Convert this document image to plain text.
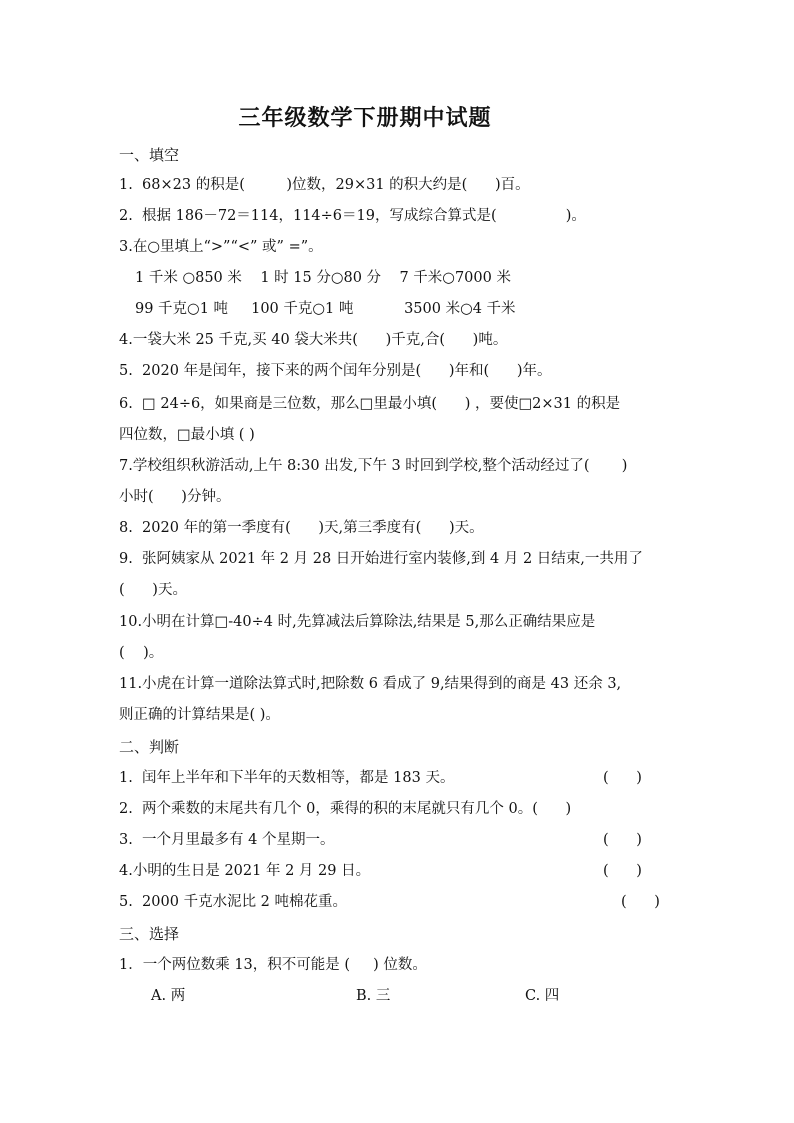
三年级数学下册期中试题
一、填空
1.  68×23 的积是(         )位数，29×31 的积大约是(      )百。
2.  根据 186－72＝114，114÷6＝19，写成综合算式是(               )。
3.在○里填上“>”“<” 或” =”。
1 千米 ○850 米    1 时 15 分○80 分    7 千米○7000 米
99 千克○1 吨     100 千克○1 吨           3500 米○4 千米
4.一袋大米 25 千克,买 40 袋大米共(      )千克,合(      )吨。
5.  2020 年是闰年，接下来的两个闰年分别是(      )年和(      )年。
6.  □ 24÷6，如果商是三位数，那么□里最小填(      ) ，要使□2×31 的积是
四位数，□最小填 ( )
7.学校组织秋游活动,上午 8:30 出发,下午 3 时回到学校,整个活动经过了(       )
小时(      )分钟。
8.  2020 年的第一季度有(      )天,第三季度有(      )天。
9.  张阿姨家从 2021 年 2 月 28 日开始进行室内装修,到 4 月 2 日结束,一共用了
(      )天。
10.小明在计算□-40÷4 时,先算减法后算除法,结果是 5,那么正确结果应是
(    )。
11.小虎在计算一道除法算式时,把除数 6 看成了 9,结果得到的商是 43 还余 3,
则正确的计算结果是( )。
二、判断
1.  闰年上半年和下半年的天数相等，都是 183 天。	(      )
2.  两个乘数的末尾共有几个 0，乘得的积的末尾就只有几个 0。(      )
3.  一个月里最多有 4 个星期一。	(      )
4.小明的生日是 2021 年 2 月 29 日。	(      )
5.  2000 千克水泥比 2 吨棉花重。	(      )
三、选择
1．一个两位数乘 13，积不可能是 (     ) 位数。
A. 两	B. 三	C. 四
